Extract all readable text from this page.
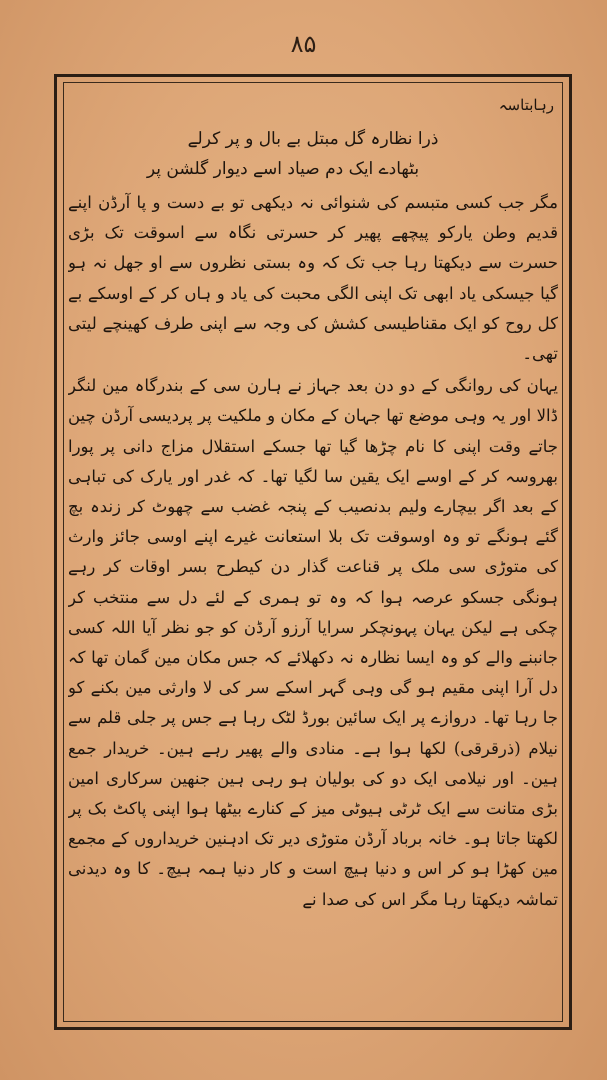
۸۵
رہابتاسہ

ذرا نظارہ گل مبتل بے بال و پر کرلے

بٹھادے ایک دم صیاد اسے دیوار گلشن پر

مگر جب کسی متبسم کی شنوائی نہ دیکھی تو بے دست و پا آرڈن اپنے قدیم وطن یارکو پیچھے پھیر کر حسرتی نگاہ سے اسوقت تک بڑی حسرت سے دیکھتا رہا جب تک کہ وہ بستی نظروں سے او جھل نہ ہو گیا جیسکی یاد ابھی تک اپنی الگی محبت کی یاد و ہاں کر کے اوسکے بے کل روح کو ایک مقناطیسی کشش کی وجہ سے اپنی طرف کھینچے لیتی تھی۔

یہان کی روانگی کے دو دن بعد جہاز نے ہارن سی کے بندرگاہ مین لنگر ڈالا اور یہ وہی موضع تھا جہان کے مکان و ملکیت پر پردیسی آرڈن چین جاتے وقت اپنی کا نام چڑھا گیا تھا جسکے استقلال مزاج دانی پر پورا بھروسہ کر کے اوسے ایک یقین سا لگیا تھا۔ کہ غدر اور یارک کی تباہی کے بعد اگر بیچارے ولیم بدنصیب کے پنجہ غضب سے چھوٹ کر زندہ بچ گئے ہونگے تو وہ اوسوقت تک بلا استعانت غیرے اپنے اوسی جائز وارث کی متوڑی سی ملک پر قناعت گذار دن کیطرح بسر اوقات کر رہے ہونگی جسکو عرصہ ہوا کہ وہ تو ہمری کے لئے دل سے منتخب کر چکی ہے لیکن یہان پہونچکر سرایا آرزو آرڈن کو جو نظر آیا اللہ کسی جانبنے والے کو وہ ایسا نظارہ نہ دکھلائے کہ جس مکان مین گمان تھا کہ دل آرا اپنی مقیم ہو گی وہی گہر اسکے سر کی لا وارثی مین بکنے کو جا رہا تھا۔ دروازے پر ایک سائین بورڈ لٹک رہا ہے جس پر جلی قلم سے نیلام (ذرقرقی) لکھا ہوا ہے۔ منادی والے پھیر رہے ہین۔ خریدار جمع ہین۔ اور نیلامی ایک دو کی بولیان ہو رہی ہین جنھین سرکاری امین بڑی متانت سے ایک ٹرٹی ہیوٹی میز کے کنارے بیٹھا ہوا اپنی پاکٹ بک پر لکھتا جاتا ہو۔ خانہ برباد آرڈن متوڑی دیر تک ادہنین خریداروں کے مجمع مین کھڑا ہو کر اس و دنیا ہیچ است و کار دنیا ہمہ ہیچ۔ کا وہ دیدنی تماشہ دیکھتا رہا مگر اس کی صدا نے
